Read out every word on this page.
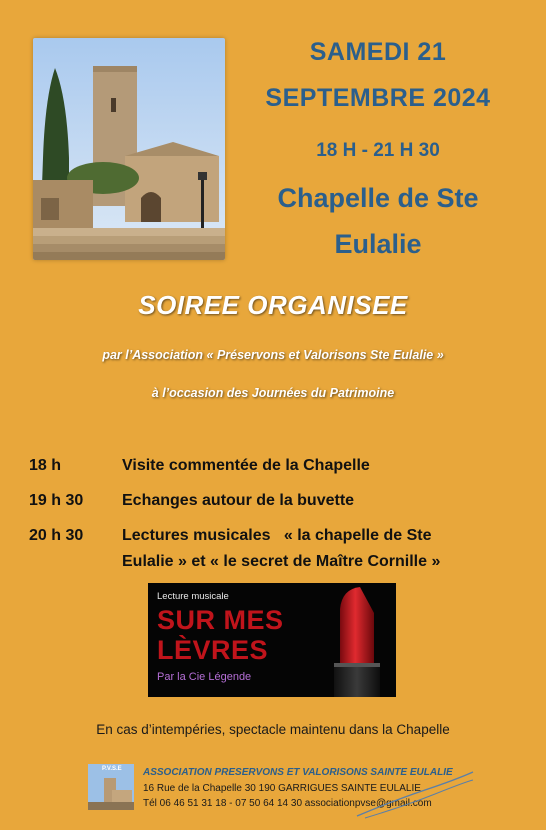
SAMEDI 21
SEPTEMBRE 2024
18 H - 21 H 30
Chapelle de Ste
Eulalie
SOIREE ORGANISEE
par l’Association « Préservons et Valorisons Ste Eulalie »
à l’occasion des Journées du Patrimoine
18 h	Visite commentée de la Chapelle
19 h 30 Echanges autour de la buvette
20 h 30 Lectures musicales   « la chapelle de Ste
Eulalie » et « le secret de Maître Cornille »
Lecture musicale
SUR MES
LÈVRES
Par la Cie Légende
En cas d’intempéries, spectacle maintenu dans la Chapelle
P.V.S.E ASSOCIATION PRESERVONS ET VALORISONS SAINTE EULALIE
16 Rue de la Chapelle 30 190 GARRIGUES SAINTE EULALIE
Tél 06 46 51 31 18 - 07 50 64 14 30 associationpvse@gmail.com
